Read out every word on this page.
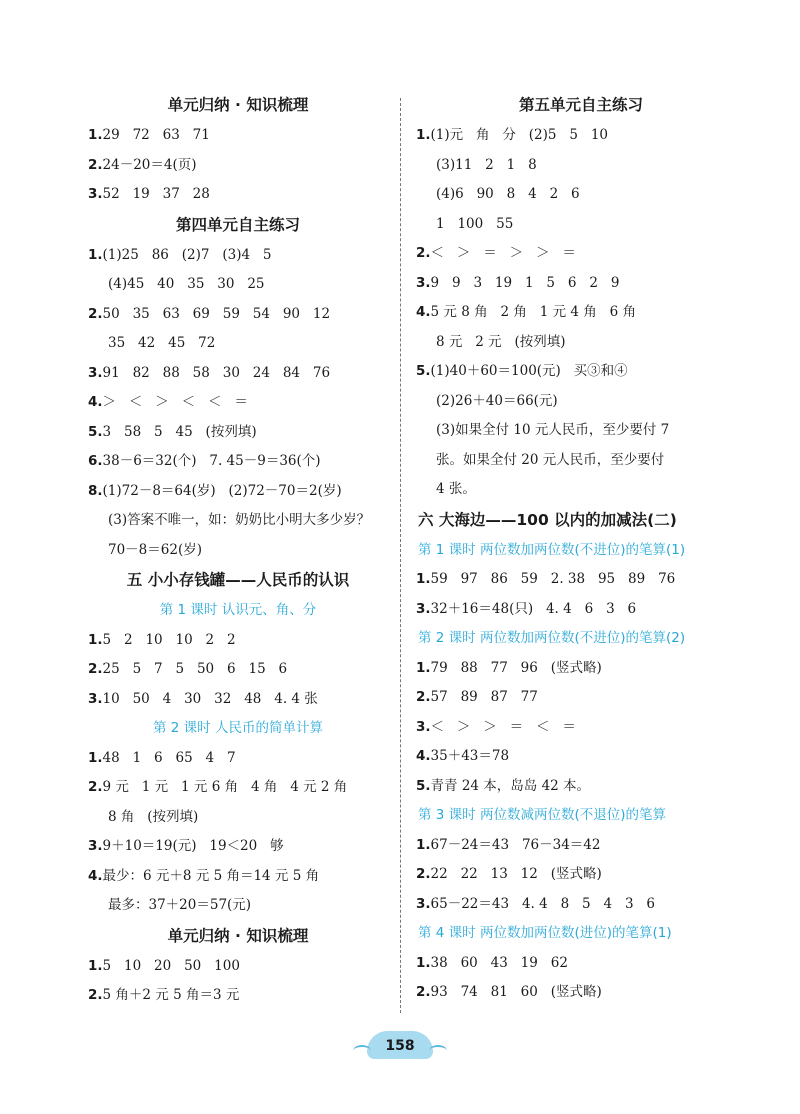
单元归纳 · 知识梳理
1.29   72   63   71
2.24－20＝4(页)
3.52   19   37   28
第四单元自主练习
1.(1)25   86   (2)7   (3)4   5
(4)45   40   35   30   25
2.50   35   63   69   59   54   90   12
35   42   45   72
3.91   82   88   58   30   24   84   76
4.＞   ＜   ＞   ＜   ＜   ＝
5.3   58   5   45   (按列填)
6.38－6＝32(个)   7. 45－9＝36(个)
8.(1)72－8＝64(岁)   (2)72－70＝2(岁)
(3)答案不唯一，如：奶奶比小明大多少岁？
70－8＝62(岁)
五 小小存钱罐——人民币的认识
第 1 课时 认识元、角、分
1.5   2   10   10   2   2
2.25   5   7   5   50   6   15   6
3.10   50   4   30   32   48   4. 4 张
第 2 课时 人民币的简单计算
1.48   1   6   65   4   7
2.9 元   1 元   1 元 6 角   4 角   4 元 2 角
8 角   (按列填)
3.9＋10＝19(元)   19＜20   够
4.最少：6 元＋8 元 5 角＝14 元 5 角
最多：37＋20＝57(元)
单元归纳 · 知识梳理
1.5   10   20   50   100
2.5 角＋2 元 5 角＝3 元
第五单元自主练习
1.(1)元   角   分   (2)5   5   10
(3)11   2   1   8
(4)6   90   8   4   2   6
1   100   55
2.＜   ＞   ＝   ＞   ＞   ＝
3.9   9   3   19   1   5   6   2   9
4.5 元 8 角   2 角   1 元 4 角   6 角
8 元   2 元   (按列填)
5.(1)40＋60＝100(元)   买③和④
(2)26＋40＝66(元)
(3)如果全付 10 元人民币，至少要付 7
张。如果全付 20 元人民币，至少要付
4 张。
六 大海边——100 以内的加减法(二)
第 1 课时 两位数加两位数(不进位)的笔算(1)
1.59   97   86   59   2. 38   95   89   76
3.32＋16＝48(只)   4. 4   6   3   6
第 2 课时 两位数加两位数(不进位)的笔算(2)
1.79   88   77   96   (竖式略)
2.57   89   87   77
3.＜   ＞   ＞   ＝   ＜   ＝
4.35＋43＝78
5.青青 24 本，岛岛 42 本。
第 3 课时 两位数减两位数(不退位)的笔算
1.67－24＝43   76－34＝42
2.22   22   13   12   (竖式略)
3.65－22＝43   4. 4   8   5   4   3   6
第 4 课时 两位数加两位数(进位)的笔算(1)
1.38   60   43   19   62
2.93   74   81   60   (竖式略)
158
